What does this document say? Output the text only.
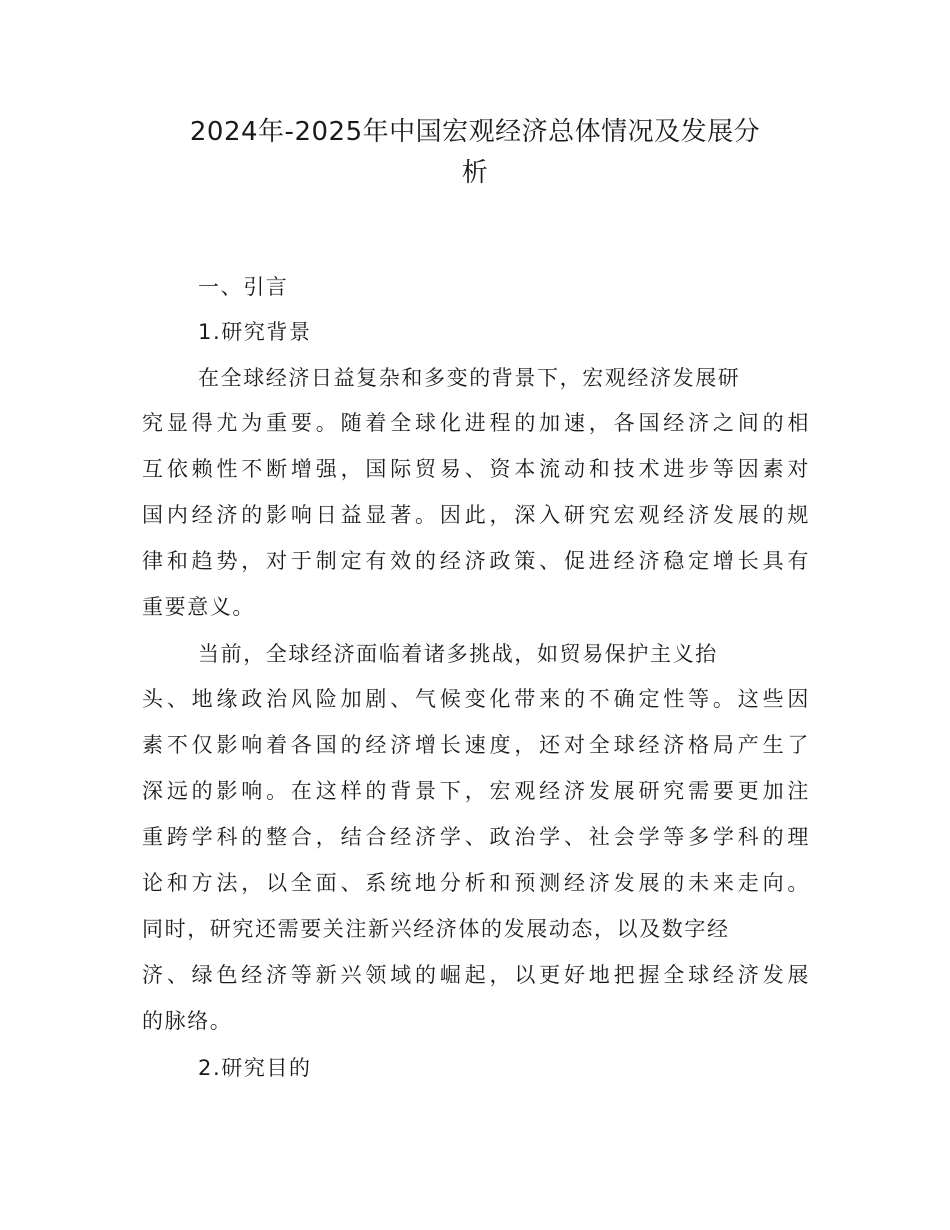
2024年-2025年中国宏观经济总体情况及发展分
析
一、引言
1.研究背景
在全球经济日益复杂和多变的背景下，宏观经济发展研
究显得尤为重要。随着全球化进程的加速，各国经济之间的相
互依赖性不断增强，国际贸易、资本流动和技术进步等因素对
国内经济的影响日益显著。因此，深入研究宏观经济发展的规
律和趋势，对于制定有效的经济政策、促进经济稳定增长具有
重要意义。
当前，全球经济面临着诸多挑战，如贸易保护主义抬
头、地缘政治风险加剧、气候变化带来的不确定性等。这些因
素不仅影响着各国的经济增长速度，还对全球经济格局产生了
深远的影响。在这样的背景下，宏观经济发展研究需要更加注
重跨学科的整合，结合经济学、政治学、社会学等多学科的理
论和方法，以全面、系统地分析和预测经济发展的未来走向。
同时，研究还需要关注新兴经济体的发展动态，以及数字经
济、绿色经济等新兴领域的崛起，以更好地把握全球经济发展
的脉络。
2.研究目的
